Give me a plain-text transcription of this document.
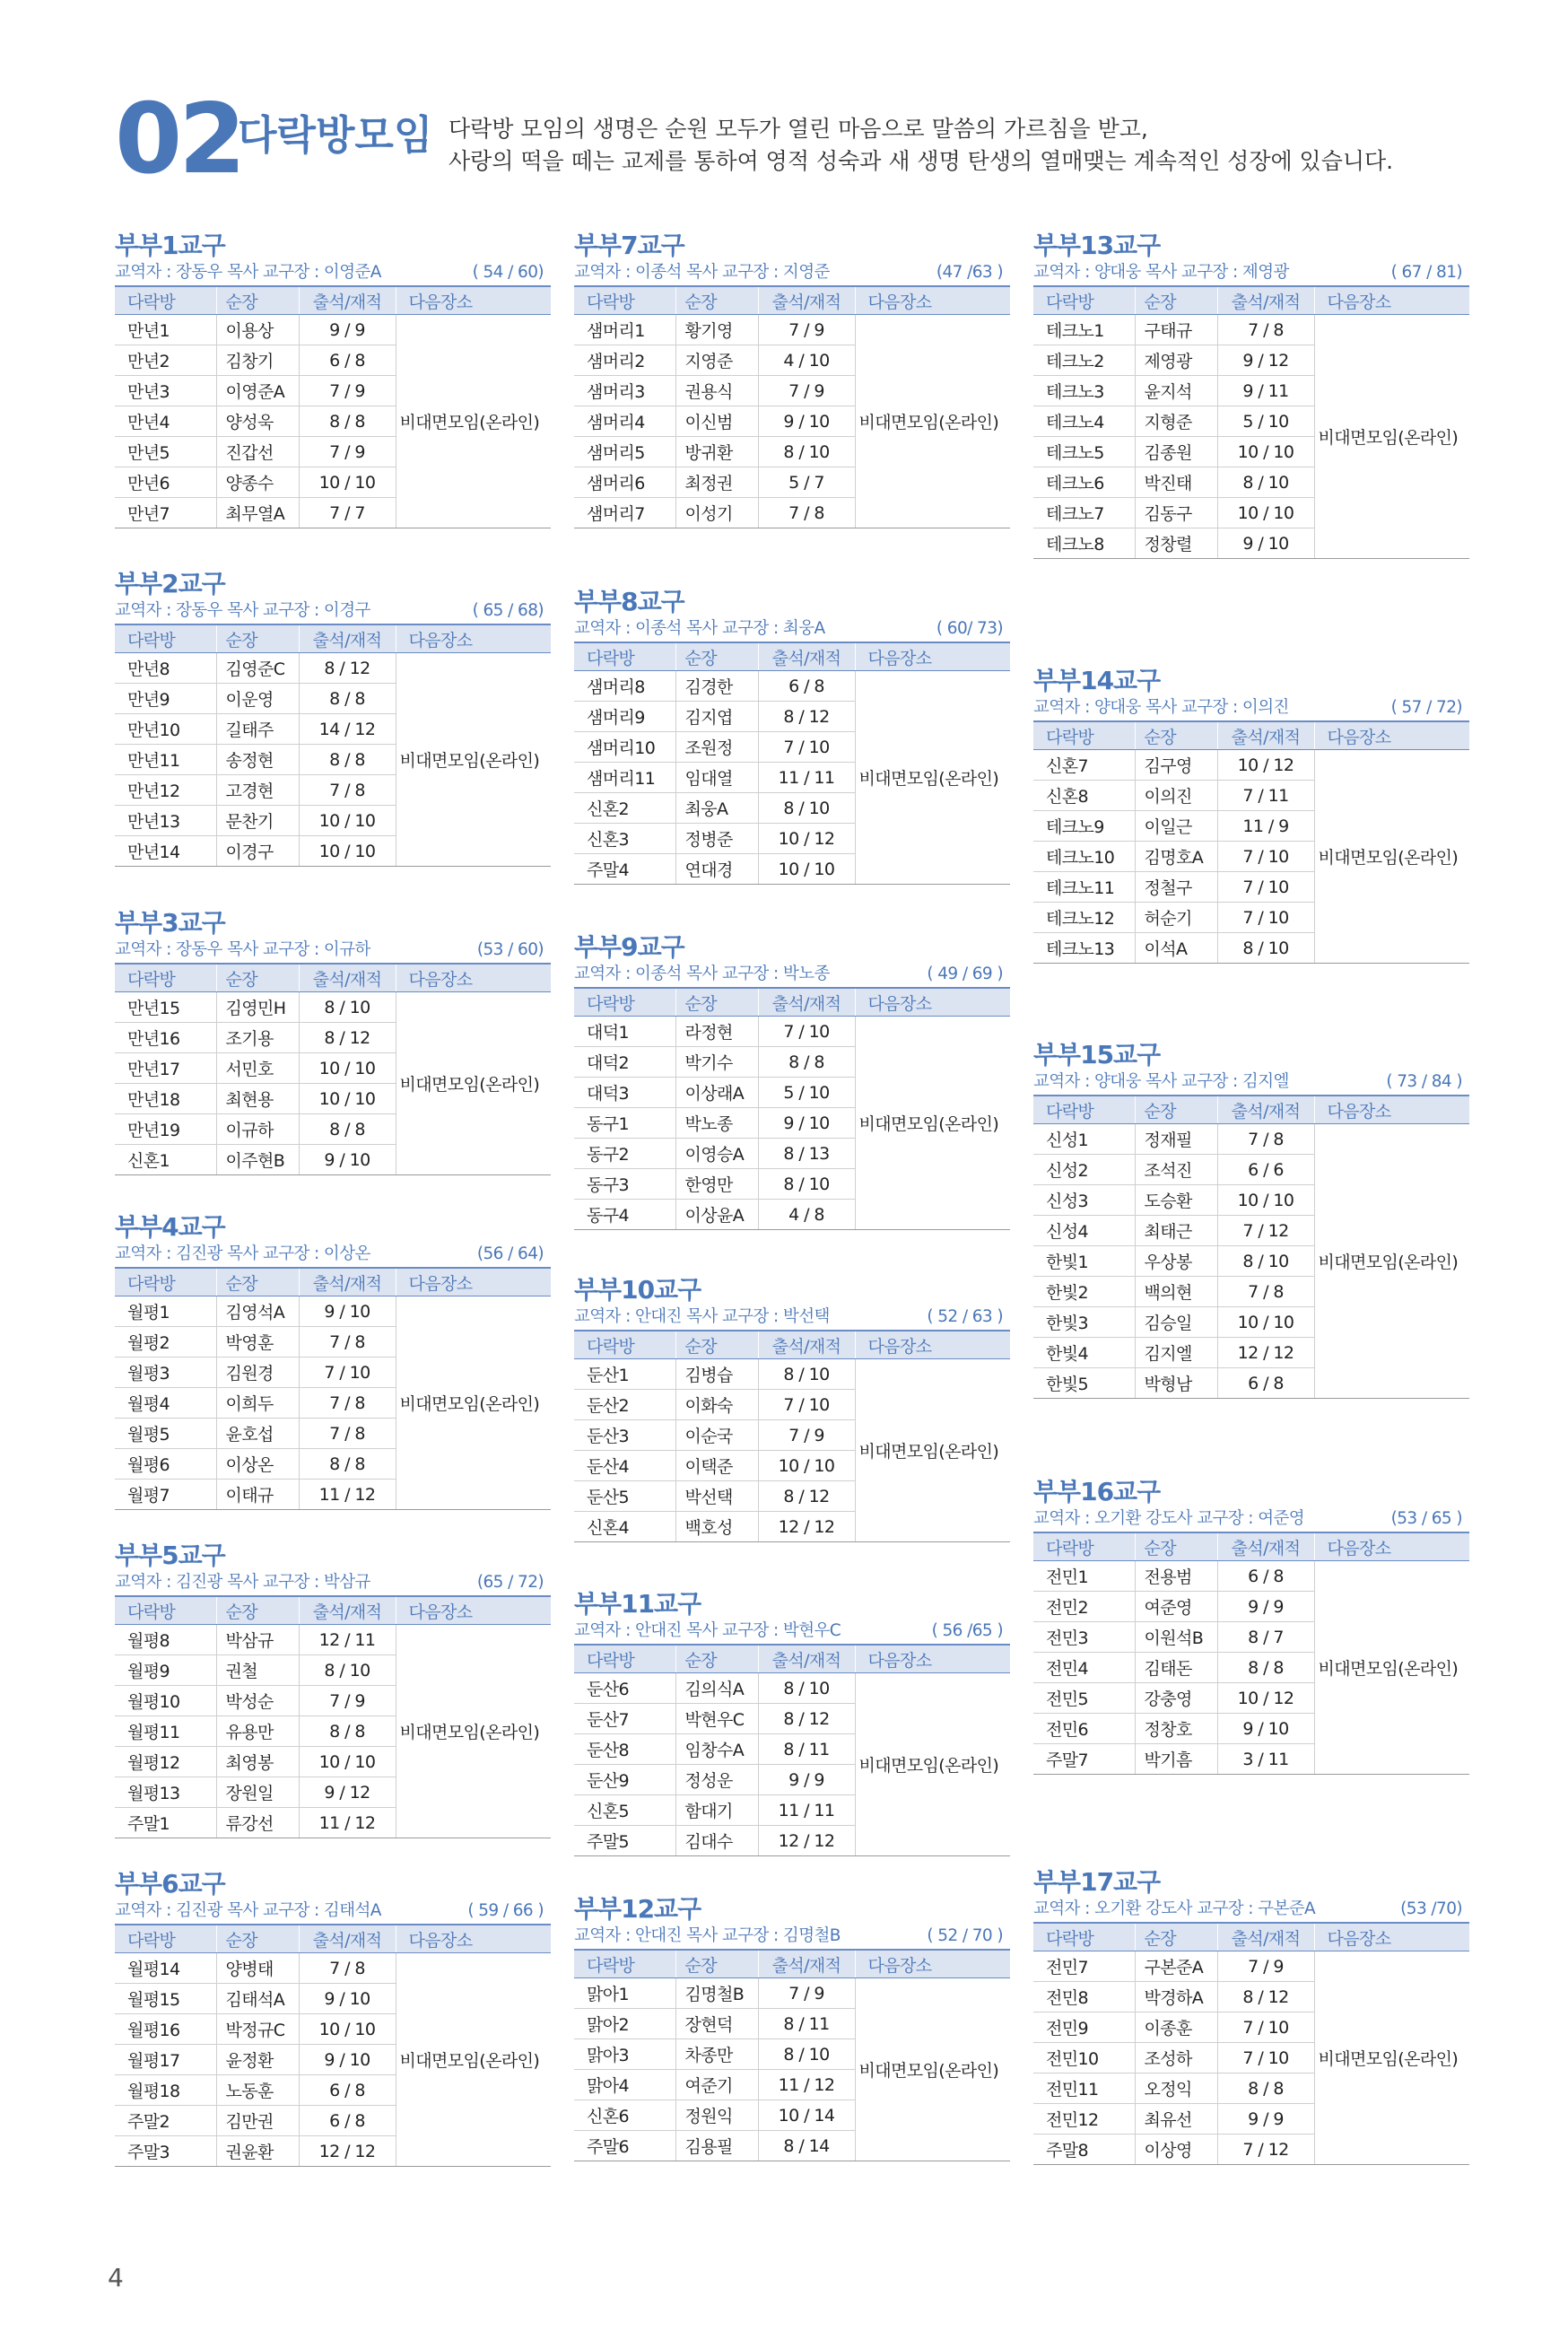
02
다락방모임 다락방 모임의 생명은 순원 모두가 열린 마음으로 말씀의 가르침을 받고,
사랑의 떡을 떼는 교제를 통하여 영적 성숙과 새 생명 탄생의 열매맺는 계속적인 성장에 있습니다.
부부1교구
교역자 : 장동우 목사 교구장 : 이영준A	( 54 / 60)
다락방	순장	출석/재적	다음장소
만년1	이용상	9 / 9	비대면모임(온라인)
만년2	김창기	6 / 8	
만년3	이영준A	7 / 9	
만년4	양성욱	8 / 8	
만년5	진갑선	7 / 9	
만년6	양종수	10 / 10	
만년7	최무열A	7 / 7	
부부2교구
교역자 : 장동우 목사 교구장 : 이경구	( 65 / 68)
다락방	순장	출석/재적	다음장소
만년8	김영준C	8 / 12	비대면모임(온라인)
만년9	이운영	8 / 8	
만년10	길태주	14 / 12	
만년11	송정현	8 / 8	
만년12	고경현	7 / 8	
만년13	문찬기	10 / 10	
만년14	이경구	10 / 10	
부부3교구
교역자 : 장동우 목사 교구장 : 이규하	(53 / 60)
다락방	순장	출석/재적	다음장소
만년15	김영민H	8 / 10	비대면모임(온라인)
만년16	조기용	8 / 12	
만년17	서민호	10 / 10	
만년18	최현용	10 / 10	
만년19	이규하	8 / 8	
신혼1	이주현B	9 / 10	
부부4교구
교역자 : 김진광 목사 교구장 : 이상온	(56 / 64)
다락방	순장	출석/재적	다음장소
월평1	김영석A	9 / 10	비대면모임(온라인)
월평2	박영훈	7 / 8	
월평3	김원경	7 / 10	
월평4	이희두	7 / 8	
월평5	윤호섭	7 / 8	
월평6	이상온	8 / 8	
월평7	이태규	11 / 12	
부부5교구
교역자 : 김진광 목사 교구장 : 박삼규	(65 / 72)
다락방	순장	출석/재적	다음장소
월평8	박삼규	12 / 11	비대면모임(온라인)
월평9	권철	8 / 10	
월평10	박성순	7 / 9	
월평11	유용만	8 / 8	
월평12	최영봉	10 / 10	
월평13	장원일	9 / 12	
주말1	류강선	11 / 12	
부부6교구
교역자 : 김진광 목사 교구장 : 김태석A	( 59 / 66 )
다락방	순장	출석/재적	다음장소
월평14	양병태	7 / 8	비대면모임(온라인)
월평15	김태석A	9 / 10	
월평16	박정규C	10 / 10	
월평17	윤정환	9 / 10	
월평18	노동훈	6 / 8	
주말2	김만권	6 / 8	
주말3	권윤환	12 / 12	
부부7교구
교역자 : 이종석 목사 교구장 : 지영준	(47 /63 )
다락방	순장	출석/재적	다음장소
샘머리1	황기영	7 / 9	비대면모임(온라인)
샘머리2	지영준	4 / 10	
샘머리3	권용식	7 / 9	
샘머리4	이신범	9 / 10	
샘머리5	방귀환	8 / 10	
샘머리6	최정권	5 / 7	
샘머리7	이성기	7 / 8	
부부8교구
교역자 : 이종석 목사 교구장 : 최웅A	( 60/ 73)
다락방	순장	출석/재적	다음장소
샘머리8	김경한	6 / 8	비대면모임(온라인)
샘머리9	김지엽	8 / 12	
샘머리10	조원정	7 / 10	
샘머리11	임대열	11 / 11	
신혼2	최웅A	8 / 10	
신혼3	정병준	10 / 12	
주말4	연대경	10 / 10	
부부9교구
교역자 : 이종석 목사 교구장 : 박노종	( 49 / 69 )
다락방	순장	출석/재적	다음장소
대덕1	라정현	7 / 10	비대면모임(온라인)
대덕2	박기수	8 / 8	
대덕3	이상래A	5 / 10	
동구1	박노종	9 / 10	
동구2	이영승A	8 / 13	
동구3	한영만	8 / 10	
동구4	이상윤A	4 / 8	
부부10교구
교역자 : 안대진 목사 교구장 : 박선택	( 52 / 63 )
다락방	순장	출석/재적	다음장소
둔산1	김병습	8 / 10	비대면모임(온라인)
둔산2	이화숙	7 / 10	
둔산3	이순국	7 / 9	
둔산4	이택준	10 / 10	
둔산5	박선택	8 / 12	
신혼4	백호성	12 / 12	
부부11교구
교역자 : 안대진 목사 교구장 : 박현우C	( 56 /65 )
다락방	순장	출석/재적	다음장소
둔산6	김의식A	8 / 10	비대면모임(온라인)
둔산7	박현우C	8 / 12	
둔산8	임창수A	8 / 11	
둔산9	정성운	9 / 9	
신혼5	함대기	11 / 11	
주말5	김대수	12 / 12	
부부12교구
교역자 : 안대진 목사 교구장 : 김명철B	( 52 / 70 )
다락방	순장	출석/재적	다음장소
맑아1	김명철B	7 / 9	비대면모임(온라인)
맑아2	장현덕	8 / 11	
맑아3	차종만	8 / 10	
맑아4	여준기	11 / 12	
신혼6	정원익	10 / 14	
주말6	김용필	8 / 14	
부부13교구
교역자 : 양대웅 목사 교구장 : 제영광	( 67 / 81)
다락방	순장	출석/재적	다음장소
테크노1	구태규	7 / 8	비대면모임(온라인)
테크노2	제영광	9 / 12	
테크노3	윤지석	9 / 11	
테크노4	지형준	5 / 10	
테크노5	김종원	10 / 10	
테크노6	박진태	8 / 10	
테크노7	김동구	10 / 10	
테크노8	정창렬	9 / 10	
부부14교구
교역자 : 양대웅 목사 교구장 : 이의진	( 57 / 72)
다락방	순장	출석/재적	다음장소
신혼7	김구영	10 / 12	비대면모임(온라인)
신혼8	이의진	7 / 11	
테크노9	이일근	11 / 9	
테크노10	김명호A	7 / 10	
테크노11	정철구	7 / 10	
테크노12	허순기	7 / 10	
테크노13	이석A	8 / 10	
부부15교구
교역자 : 양대웅 목사 교구장 : 김지엘	( 73 / 84 )
다락방	순장	출석/재적	다음장소
신성1	정재필	7 / 8	비대면모임(온라인)
신성2	조석진	6 / 6	
신성3	도승환	10 / 10	
신성4	최태근	7 / 12	
한빛1	우상봉	8 / 10	
한빛2	백의현	7 / 8	
한빛3	김승일	10 / 10	
한빛4	김지엘	12 / 12	
한빛5	박형남	6 / 8	
부부16교구
교역자 : 오기환 강도사 교구장 : 여준영	(53 / 65 )
다락방	순장	출석/재적	다음장소
전민1	전용범	6 / 8	비대면모임(온라인)
전민2	여준영	9 / 9	
전민3	이원석B	8 / 7	
전민4	김태돈	8 / 8	
전민5	강충영	10 / 12	
전민6	정창호	9 / 10	
주말7	박기흠	3 / 11	
부부17교구
교역자 : 오기환 강도사 교구장 : 구본준A	(53 /70)
다락방	순장	출석/재적	다음장소
전민7	구본준A	7 / 9	비대면모임(온라인)
전민8	박경하A	8 / 12	
전민9	이종훈	7 / 10	
전민10	조성하	7 / 10	
전민11	오정익	8 / 8	
전민12	최유선	9 / 9	
주말8	이상영	7 / 12	
4
